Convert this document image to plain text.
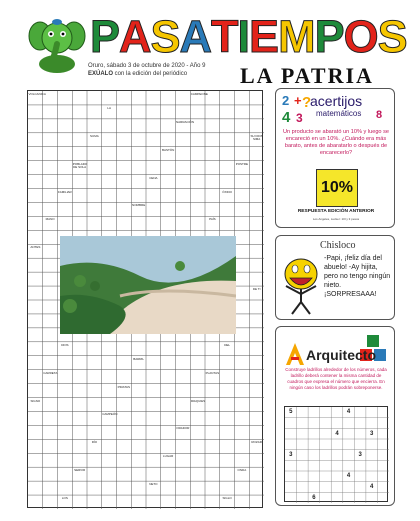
P A S A T I E M P O S
Oruro, sábado 3 de octubre de 2020 - Año 9
EXÚALO con la edición del periódico	LA PATRIA
VOLCANICA	CAMPEONE
LA
NARRACIÓN
SUMA	SU DIOS SIMA
BASTÓN
POBLADO DE SOLA
POSTRE
CENA
FAMILIAR	ÓXIDO
NOMBRE
MANO	PAÍS
ANTES
DE TI
DIOS	DEL
BARRIL
CARRETA	PLANTAS
PIRATAS
SIGNO	IRAQUIES
CAMPEÓN
ORADOR
RÍO	ROZAR
LUGAR
SERVIR	ONDA
NETO
LOS	SIGLO
2 + ?
4 3
acertijos
matemáticos 8
Un producto se abarató un 10% y luego se encareció en un 10%. ¿Cuándo era más barato, antes de abaratarlo o después de encarecerlo?
10%
RESPUESTA EDICIÓN ANTERIOR
Los Angeles, Lucker: 10l y 3 pesos
Chisloco
-Papi, ¡feliz día del abuelo! -Ay hijita, pero no tengo ningún nieto. ¡SORPRESAAA!
Arquitecto
Construye ladrillos alrededor de los números, cada ladrillo deberá contener la misma cantidad de cuadros que expresa el número que encierra. En ningún caso los ladrillos podrán sobreponerse.
5	4
4	3
3	3
4
4
6
